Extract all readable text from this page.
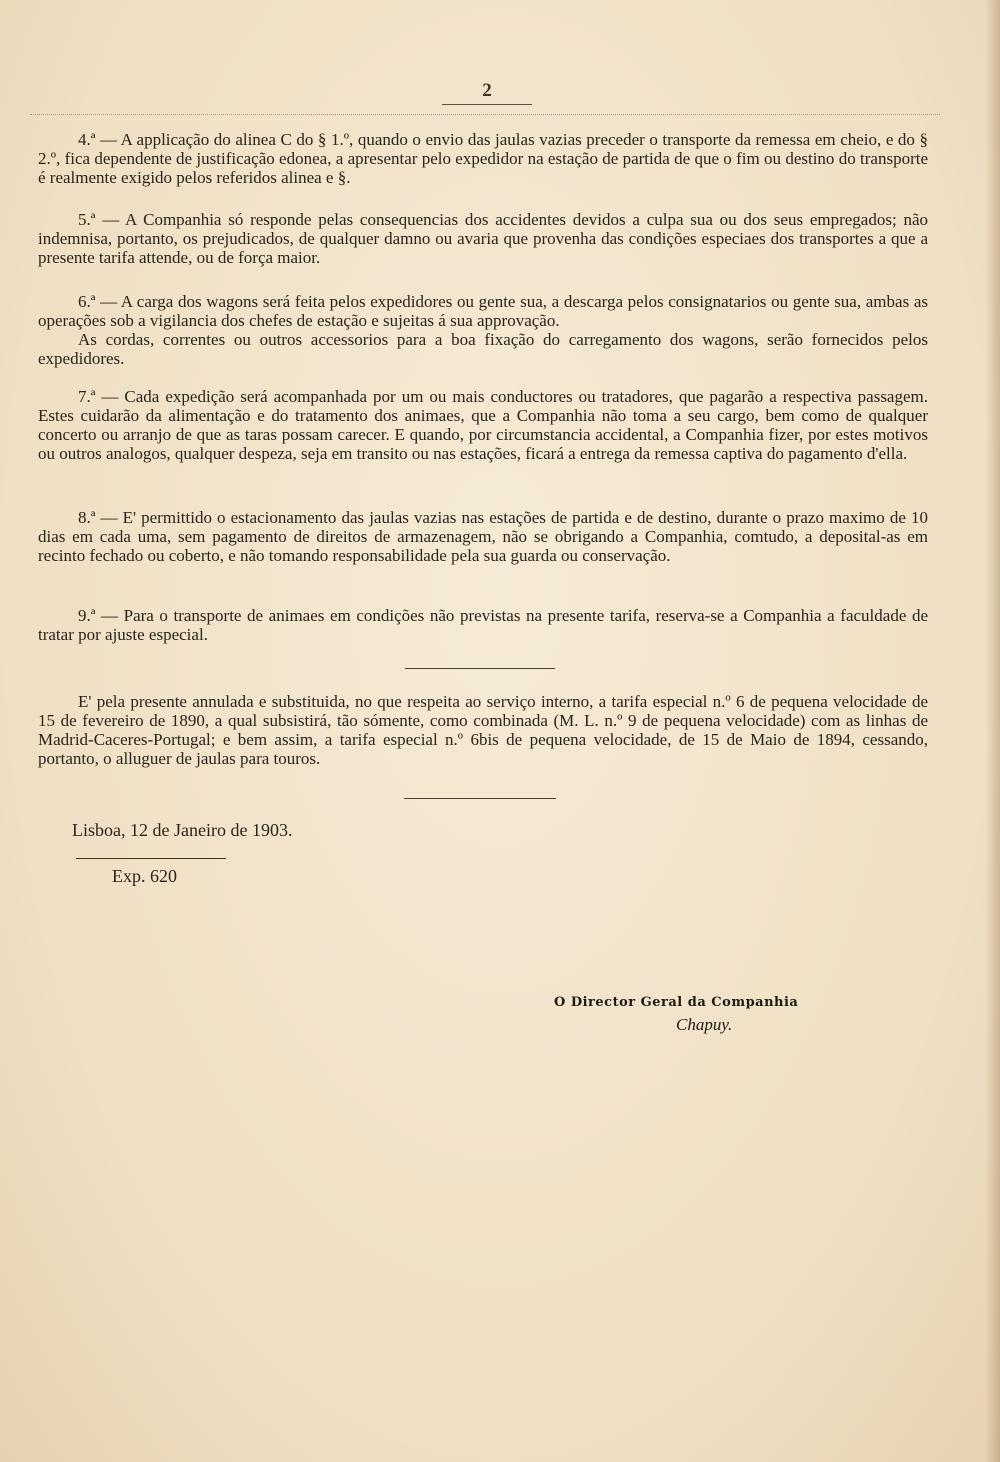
2

4.ª — A applicação do alinea C do § 1.º, quando o envio das jaulas vazias preceder o transporte da remessa em cheio, e do § 2.º, fica dependente de justificação edonea, a apresentar pelo expedidor na estação de partida de que o fim ou destino do transporte é realmente exigido pelos referidos alinea e §.

5.ª — A Companhia só responde pelas consequencias dos accidentes devidos a culpa sua ou dos seus empregados; não indemnisa, portanto, os prejudicados, de qualquer damno ou avaria que provenha das condições especiaes dos transportes a que a presente tarifa attende, ou de força maior.

6.ª — A carga dos wagons será feita pelos expedidores ou gente sua, a descarga pelos consignatarios ou gente sua, ambas as operações sob a vigilancia dos chefes de estação e sujeitas á sua approvação.

As cordas, correntes ou outros accessorios para a boa fixação do carregamento dos wagons, serão fornecidos pelos expedidores.

7.ª — Cada expedição será acompanhada por um ou mais conductores ou tratadores, que pagarão a respectiva passagem. Estes cuidarão da alimentação e do tratamento dos animaes, que a Companhia não toma a seu cargo, bem como de qualquer concerto ou arranjo de que as taras possam carecer. E quando, por circumstancia accidental, a Companhia fizer, por estes motivos ou outros analogos, qualquer despeza, seja em transito ou nas estações, ficará a entrega da remessa captiva do pagamento d'ella.

8.ª — E' permittido o estacionamento das jaulas vazias nas estações de partida e de destino, durante o prazo maximo de 10 dias em cada uma, sem pagamento de direitos de armazenagem, não se obrigando a Companhia, comtudo, a deposital-as em recinto fechado ou coberto, e não tomando responsabilidade pela sua guarda ou conservação.

9.ª — Para o transporte de animaes em condições não previstas na presente tarifa, reserva-se a Companhia a faculdade de tratar por ajuste especial.

E' pela presente annulada e substituida, no que respeita ao serviço interno, a tarifa especial n.º 6 de pequena velocidade de 15 de fevereiro de 1890, a qual subsistirá, tão sómente, como combinada (M. L. n.º 9 de pequena velocidade) com as linhas de Madrid-Caceres-Portugal; e bem assim, a tarifa especial n.º 6bis de pequena velocidade, de 15 de Maio de 1894, cessando, portanto, o alluguer de jaulas para touros.

Lisboa, 12 de Janeiro de 1903.
Exp. 620
O Director Geral da Companhia
Chapuy.
